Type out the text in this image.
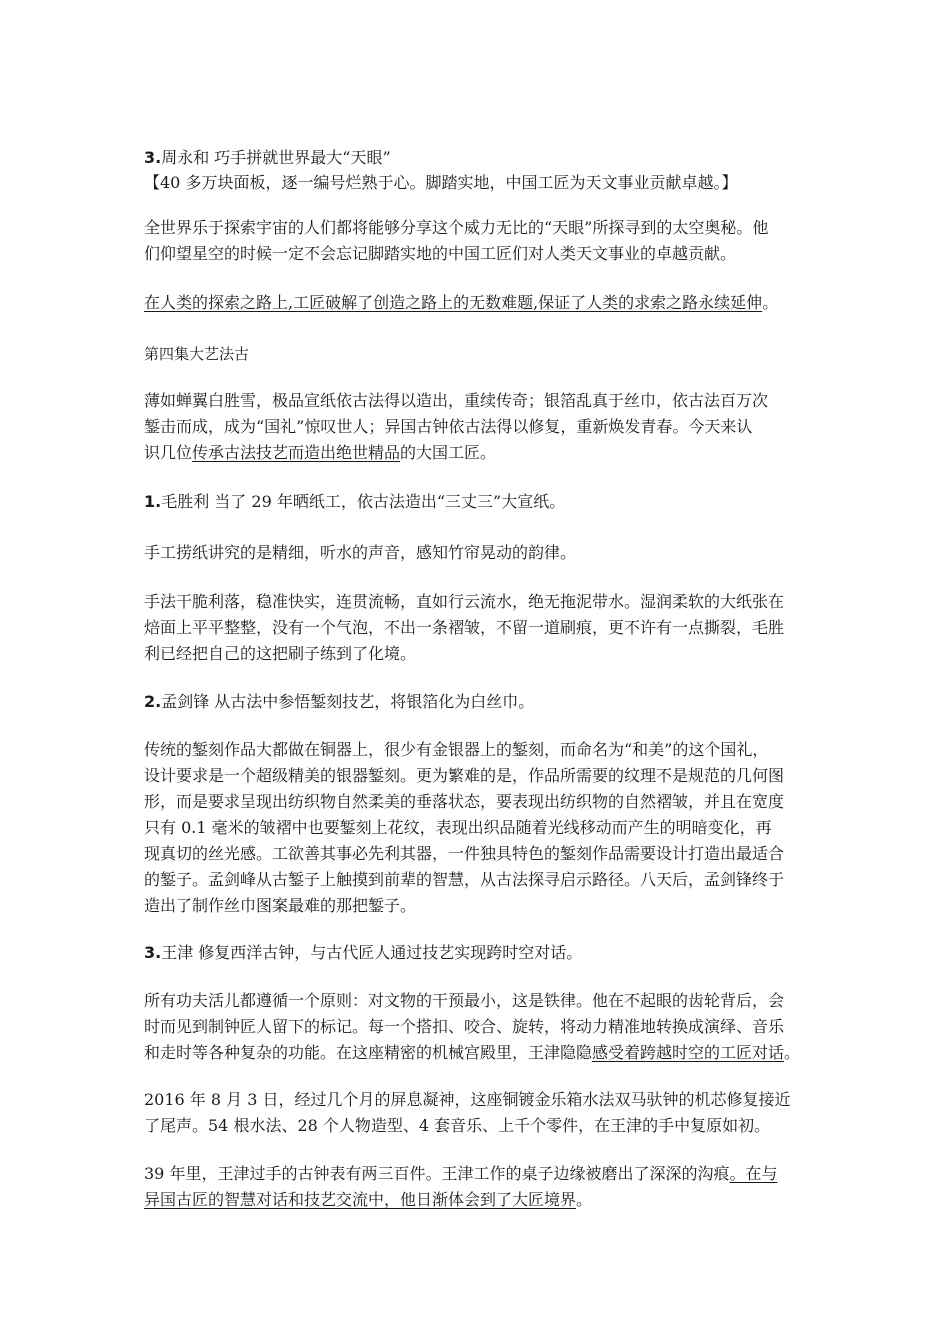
3.周永和 巧手拼就世界最大“天眼”

【40 多万块面板，逐一编号烂熟于心。脚踏实地，中国工匠为天文事业贡献卓越。】

全世界乐于探索宇宙的人们都将能够分享这个威力无比的“天眼”所探寻到的太空奥秘。他
们仰望星空的时候一定不会忘记脚踏实地的中国工匠们对人类天文事业的卓越贡献。

在人类的探索之路上,工匠破解了创造之路上的无数难题,保证了人类的求索之路永续延伸。

第四集大艺法古

薄如蝉翼白胜雪，极品宣纸依古法得以造出，重续传奇；银箔乱真于丝巾，依古法百万次
錾击而成，成为“国礼”惊叹世人；异国古钟依古法得以修复，重新焕发青春。今天来认
识几位传承古法技艺而造出绝世精品的大国工匠。

1.毛胜利 当了 29 年晒纸工，依古法造出“三丈三”大宣纸。

手工捞纸讲究的是精细，听水的声音，感知竹帘晃动的韵律。

手法干脆利落，稳准快实，连贯流畅，直如行云流水，绝无拖泥带水。湿润柔软的大纸张在
焙面上平平整整，没有一个气泡，不出一条褶皱，不留一道刷痕，更不许有一点撕裂，毛胜
利已经把自己的这把刷子练到了化境。

2.孟剑锋 从古法中参悟錾刻技艺，将银箔化为白丝巾。

传统的錾刻作品大都做在铜器上，很少有金银器上的錾刻，而命名为“和美”的这个国礼，
设计要求是一个超级精美的银器錾刻。更为繁难的是，作品所需要的纹理不是规范的几何图
形，而是要求呈现出纺织物自然柔美的垂落状态，要表现出纺织物的自然褶皱，并且在宽度
只有 0.1 毫米的皱褶中也要錾刻上花纹，表现出织品随着光线移动而产生的明暗变化，再
现真切的丝光感。工欲善其事必先利其器，一件独具特色的錾刻作品需要设计打造出最适合
的錾子。孟剑峰从古錾子上触摸到前辈的智慧，从古法探寻启示路径。八天后，孟剑锋终于
造出了制作丝巾图案最难的那把錾子。

3.王津 修复西洋古钟，与古代匠人通过技艺实现跨时空对话。

所有功夫活儿都遵循一个原则：对文物的干预最小，这是铁律。他在不起眼的齿轮背后，会
时而见到制钟匠人留下的标记。每一个搭扣、咬合、旋转，将动力精准地转换成演绎、音乐
和走时等各种复杂的功能。在这座精密的机械宫殿里，王津隐隐感受着跨越时空的工匠对话。

2016 年 8 月 3 日，经过几个月的屏息凝神，这座铜镀金乐箱水法双马驮钟的机芯修复接近
了尾声。54 根水法、28 个人物造型、4 套音乐、上千个零件，在王津的手中复原如初。

39 年里，王津过手的古钟表有两三百件。王津工作的桌子边缘被磨出了深深的沟痕。在与
异国古匠的智慧对话和技艺交流中，他日渐体会到了大匠境界。
